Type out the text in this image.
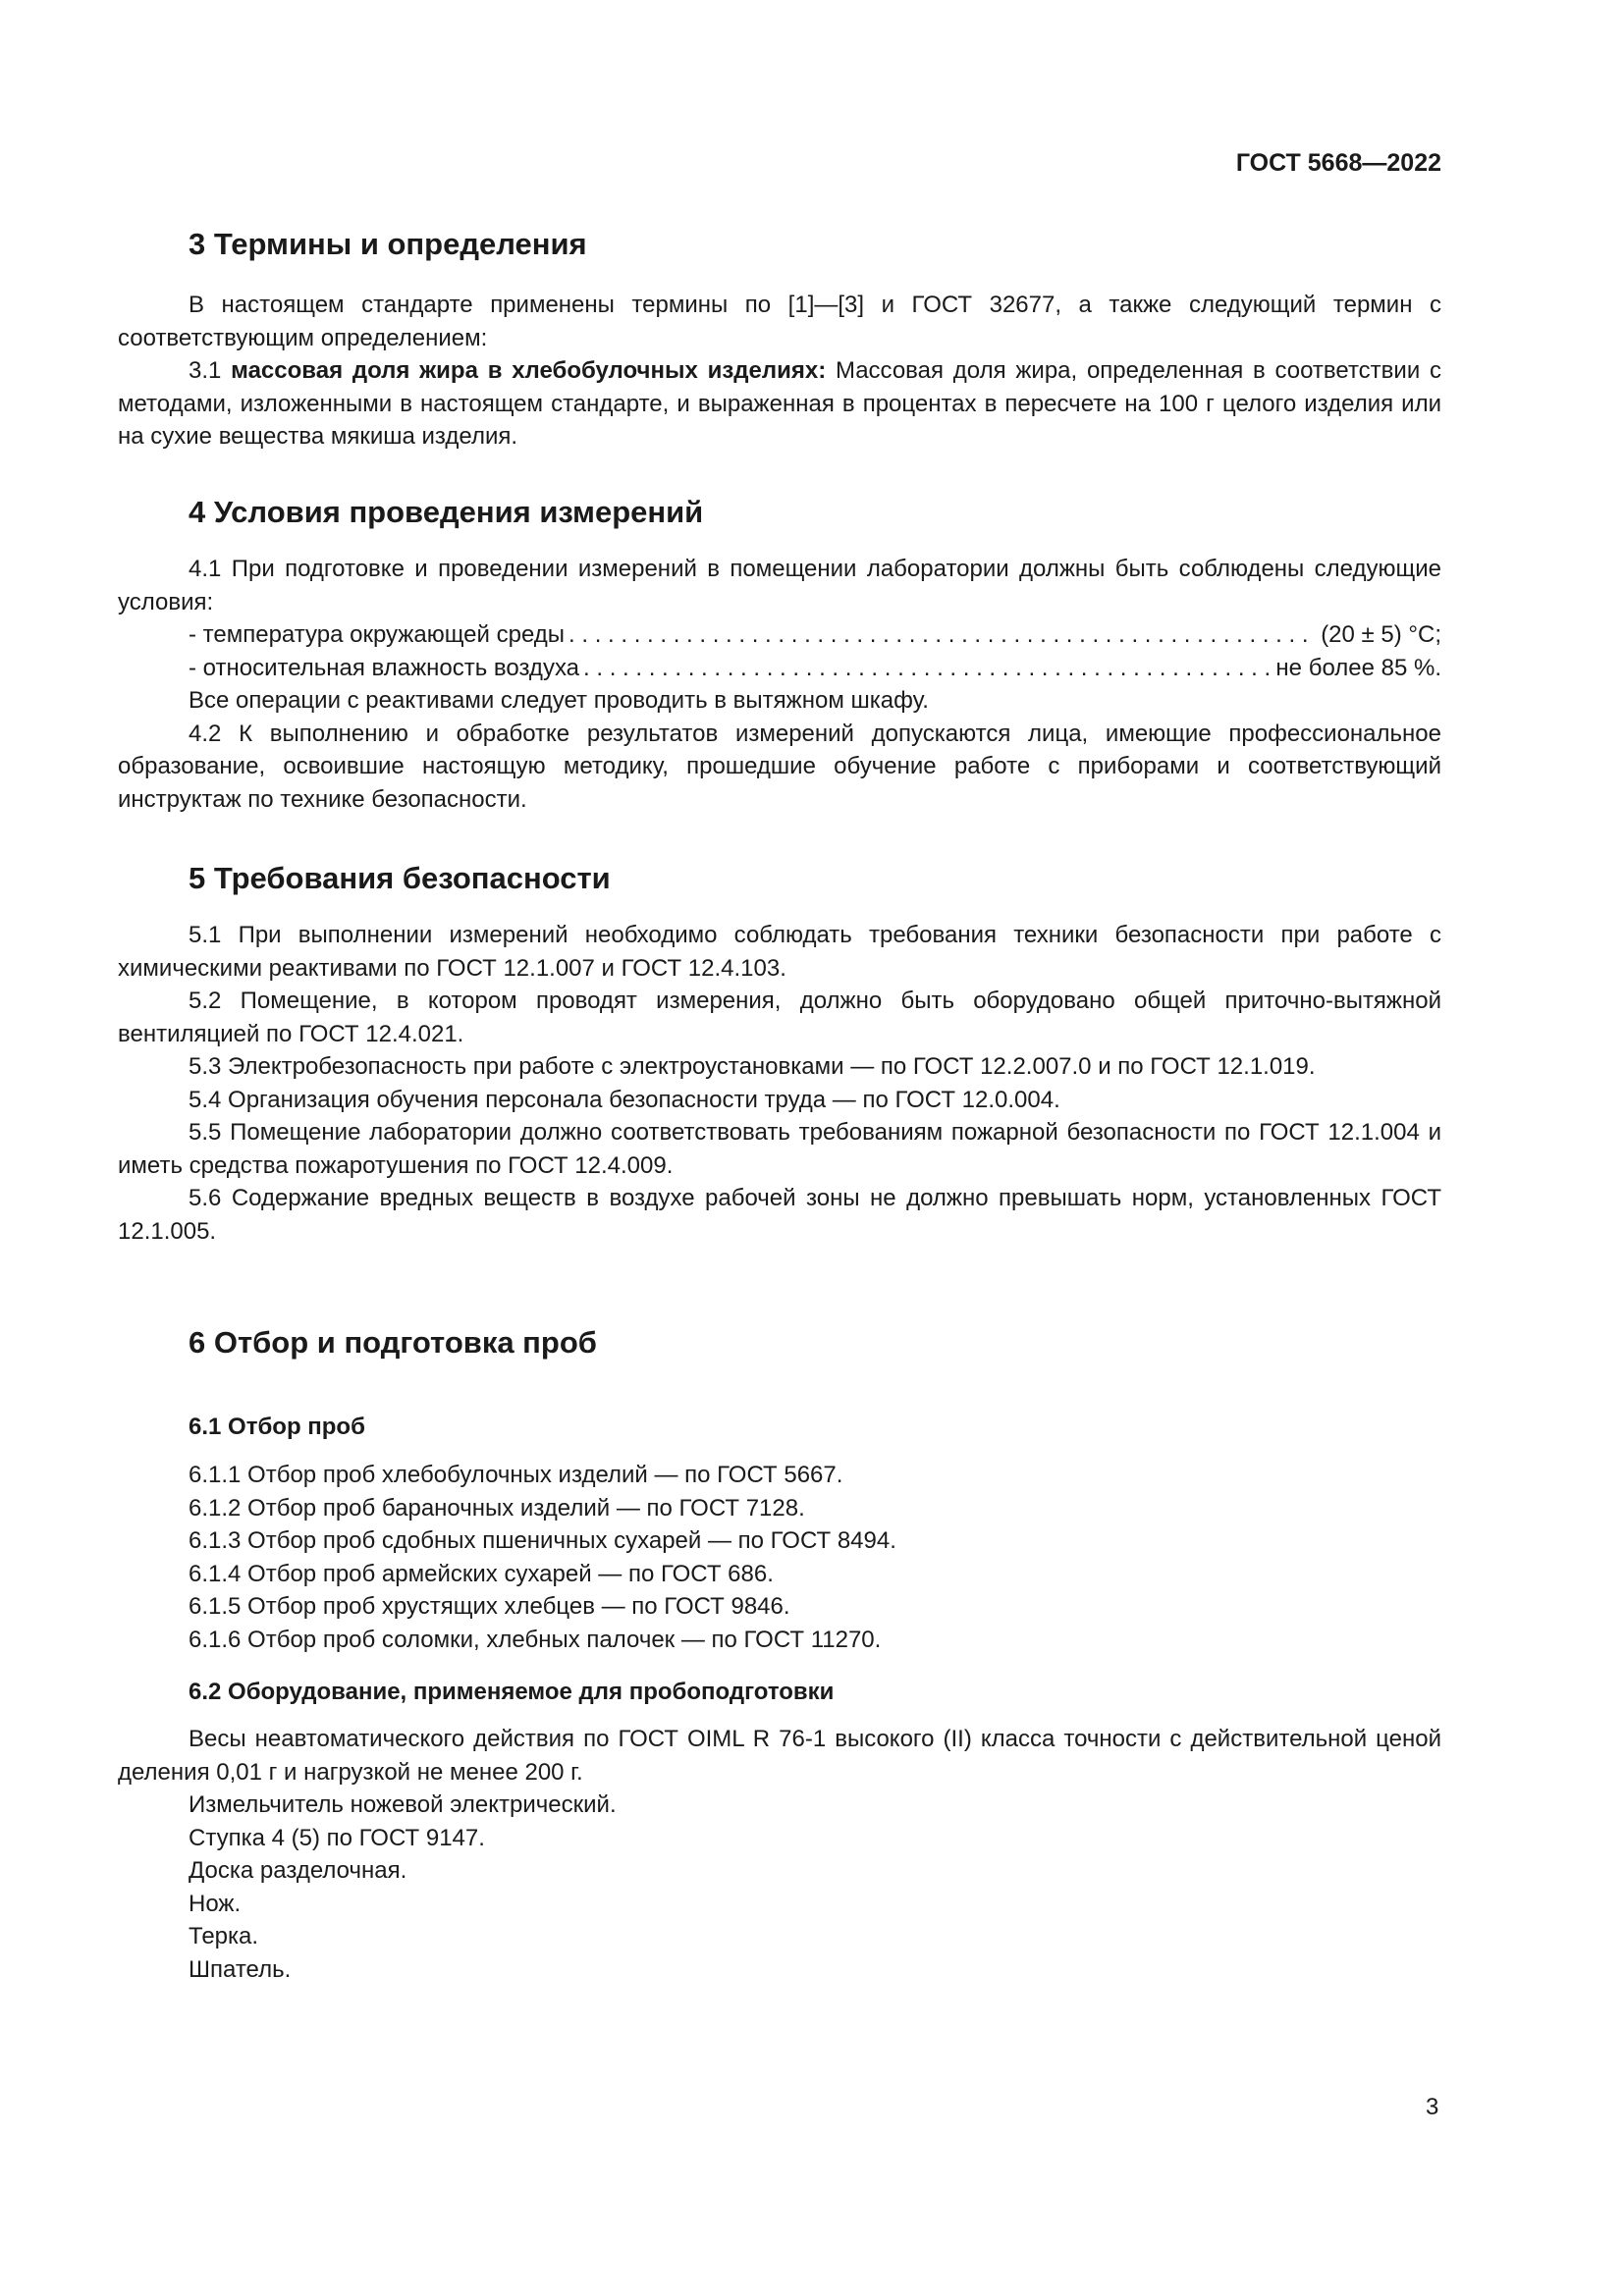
ГОСТ 5668—2022
3 Термины и определения

В настоящем стандарте применены термины по [1]—[3] и ГОСТ 32677, а также следующий термин с соответствующим определением:

3.1 массовая доля жира в хлебобулочных изделиях: Массовая доля жира, определенная в соответствии с методами, изложенными в настоящем стандарте, и выраженная в процентах в пересчете на 100 г целого изделия или на сухие вещества мякиша изделия.

4 Условия проведения измерений

4.1 При подготовке и проведении измерений в помещении лаборатории должны быть соблюдены следующие условия:

- температура окружающей среды . . .	(20 ± 5) °С;
- относительная влажность воздуха . . .	не более 85 %.

Все операции с реактивами следует проводить в вытяжном шкафу.

4.2 К выполнению и обработке результатов измерений допускаются лица, имеющие профессиональное образование, освоившие настоящую методику, прошедшие обучение работе с приборами и соответствующий инструктаж по технике безопасности.

5 Требования безопасности

5.1 При выполнении измерений необходимо соблюдать требования техники безопасности при работе с химическими реактивами по ГОСТ 12.1.007 и ГОСТ 12.4.103.

5.2 Помещение, в котором проводят измерения, должно быть оборудовано общей приточно-вытяжной вентиляцией по ГОСТ 12.4.021.

5.3 Электробезопасность при работе с электроустановками — по ГОСТ 12.2.007.0 и по ГОСТ 12.1.019.

5.4 Организация обучения персонала безопасности труда — по ГОСТ 12.0.004.

5.5 Помещение лаборатории должно соответствовать требованиям пожарной безопасности по ГОСТ 12.1.004 и иметь средства пожаротушения по ГОСТ 12.4.009.

5.6 Содержание вредных веществ в воздухе рабочей зоны не должно превышать норм, установленных ГОСТ 12.1.005.

6 Отбор и подготовка проб
6.1 Отбор проб

6.1.1 Отбор проб хлебобулочных изделий — по ГОСТ 5667.

6.1.2 Отбор проб бараночных изделий — по ГОСТ 7128.

6.1.3 Отбор проб сдобных пшеничных сухарей — по ГОСТ 8494.

6.1.4 Отбор проб армейских сухарей — по ГОСТ 686.

6.1.5 Отбор проб хрустящих хлебцев — по ГОСТ 9846.

6.1.6 Отбор проб соломки, хлебных палочек — по ГОСТ 11270.

6.2 Оборудование, применяемое для пробоподготовки

Весы неавтоматического действия по ГОСТ OIML R 76-1 высокого (II) класса точности с действительной ценой деления 0,01 г и нагрузкой не менее 200 г.

Измельчитель ножевой электрический.

Ступка 4 (5) по ГОСТ 9147.

Доска разделочная.

Нож.

Терка.

Шпатель.

3
